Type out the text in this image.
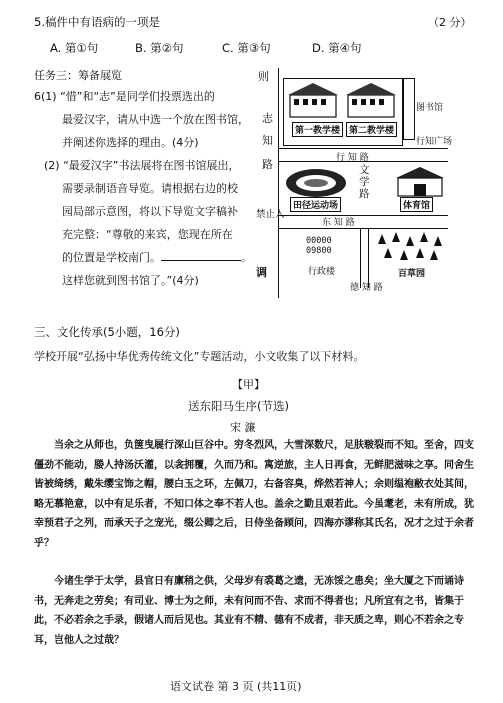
5.稿件中有语病的一项是	（2 分）
A. 第①句	B. 第②句	C. 第③句	D. 第④句
任务三：筹备展览
6(1) “惜”和“志”是同学们投票选出的
最爱汉字，请从中选一个放在图书馆，
并阐述你选择的理由。(4分)
(2) “最爱汉字”书法展将在图书馆展出，
需要录制语音导览。请根据右边的校
园局部示意图，将以下导览文字稿补
充完整：“尊敬的来宾，您现在所在
的位置是学校南门。	。
这样您就到图书馆了。”(4分)
则
志
知
路
禁止入
调
第一教学楼 第二教学楼
图书馆
行知广场
行 知 路
田径运动场
文
学
路
体育馆
东 知 路
00000
09800
行政楼	百草园
德 知 路
三、文化传承(5小题，16分)
学校开展“弘扬中华优秀传统文化”专题活动，小文收集了以下材料。
【甲】
送东阳马生序(节选)
宋 濂
当余之从师也，负箧曳屣行深山巨谷中。穷冬烈风，大雪深数尺，足肤皲裂而不知。至舍，四支僵劲不能动，媵人持汤沃灌，以衾拥覆，久而乃和。寓逆旅，主人日再食，无鲜肥滋味之享。同舍生皆被绮绣，戴朱缨宝饰之帽，腰白玉之环，左佩刀，右备容臭，烨然若神人；余则缊袍敝衣处其间，略无慕艳意，以中有足乐者，不知口体之奉不若人也。盖余之勤且艰若此。今虽耄老，未有所成，犹幸预君子之列，而承天子之宠光，缀公卿之后，日侍坐备顾问，四海亦谬称其氏名，况才之过于余者乎？
今诸生学于太学，县官日有廪稍之供，父母岁有裘葛之遗，无冻馁之患矣；坐大厦之下而诵诗书，无奔走之劳矣；有司业、博士为之师，未有问而不告、求而不得者也；凡所宜有之书，皆集于此，不必若余之手录，假诸人而后见也。其业有不精、德有不成者，非天质之卑，则心不若余之专耳，岂他人之过哉？
语文试卷 第 3 页 (共11页)
